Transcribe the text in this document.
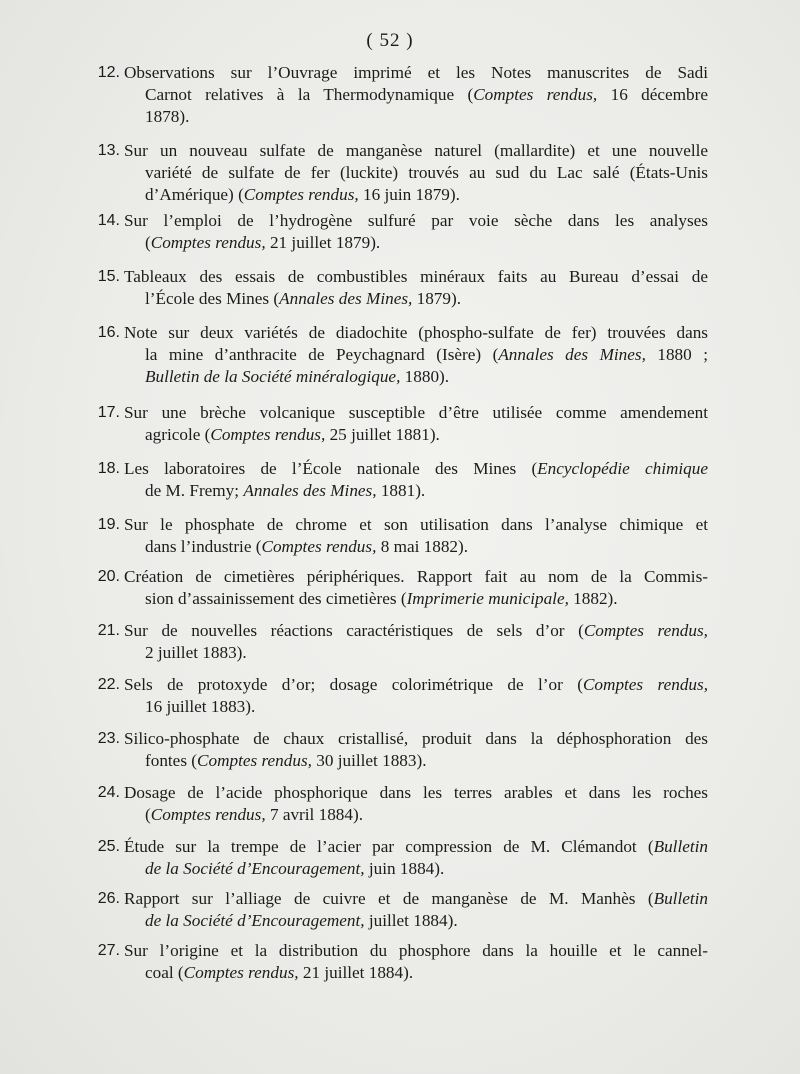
( 52 )
12. Observations sur l’Ouvrage imprimé et les Notes manuscrites de Sadi
Carnot relatives à la Thermodynamique (Comptes rendus, 16 décembre
1878).
13. Sur un nouveau sulfate de manganèse naturel (mallardite) et une nouvelle
variété de sulfate de fer (luckite) trouvés au sud du Lac salé (États-Unis
d’Amérique) (Comptes rendus, 16 juin 1879).
14. Sur l’emploi de l’hydrogène sulfuré par voie sèche dans les analyses
(Comptes rendus, 21 juillet 1879).
15. Tableaux des essais de combustibles minéraux faits au Bureau d’essai de
l’École des Mines (Annales des Mines, 1879).
16. Note sur deux variétés de diadochite (phospho-sulfate de fer) trouvées dans
la mine d’anthracite de Peychagnard (Isère) (Annales des Mines, 1880 ;
Bulletin de la Société minéralogique, 1880).
17. Sur une brèche volcanique susceptible d’être utilisée comme amendement
agricole (Comptes rendus, 25 juillet 1881).
18. Les laboratoires de l’École nationale des Mines (Encyclopédie chimique
de M. Fremy; Annales des Mines, 1881).
19. Sur le phosphate de chrome et son utilisation dans l’analyse chimique et
dans l’industrie (Comptes rendus, 8 mai 1882).
20. Création de cimetières périphériques. Rapport fait au nom de la Commis-
sion d’assainissement des cimetières (Imprimerie municipale, 1882).
21. Sur de nouvelles réactions caractéristiques de sels d’or (Comptes rendus,
2 juillet 1883).
22. Sels de protoxyde d’or; dosage colorimétrique de l’or (Comptes rendus,
16 juillet 1883).
23. Silico-phosphate de chaux cristallisé, produit dans la déphosphoration des
fontes (Comptes rendus, 30 juillet 1883).
24. Dosage de l’acide phosphorique dans les terres arables et dans les roches
(Comptes rendus, 7 avril 1884).
25. Étude sur la trempe de l’acier par compression de M. Clémandot (Bulletin
de la Société d’Encouragement, juin 1884).
26. Rapport sur l’alliage de cuivre et de manganèse de M. Manhès (Bulletin
de la Société d’Encouragement, juillet 1884).
27. Sur l’origine et la distribution du phosphore dans la houille et le cannel-
coal (Comptes rendus, 21 juillet 1884).
